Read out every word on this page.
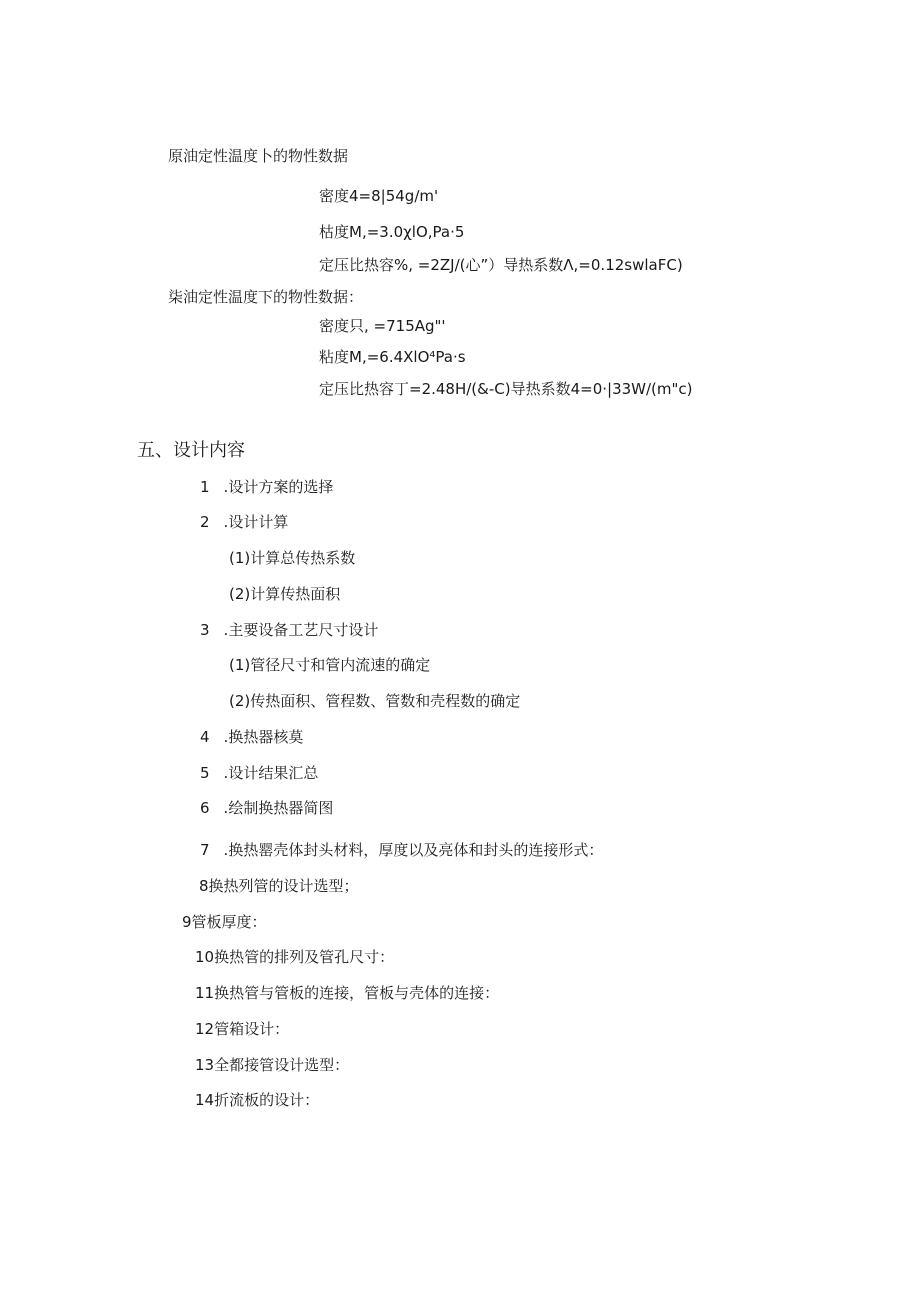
原油定性温度卜的物性数据
密度4=8|54g∕m'
枯度M,=3.0χlO,Pa·5
定压比热容%, =2ZJ∕(心”）导热系数Λ,=0.12swlaFC)
柒油定性温度下的物性数据：
密度只, =715Ag"'
粘度M,=6.4XlO⁴Pa·s
定压比热容丁=2.48H/(&-C)导热系数4=0·|33W∕(m"c)
五、设计内容
1 .设计方案的选择
2 .设计计算
(1)计算总传热系数
(2)计算传热面积
3 .主要设备工艺尺寸设计
(1)管径尺寸和管内流速的确定
(2)传热面积、管程数、管数和壳程数的确定
4 .换热器核莫
5 .设计结果汇总
6 .绘制换热器简图
7 .换热罂壳体封头材料，厚度以及亮体和封头的连接形式：
8换热列管的设计选型；
9管板厚度：
10换热管的排列及管孔尺寸：
11换热管与管板的连接，管板与壳体的连接：
12管箱设计：
13全都接管设计选型：
14折流板的设计：
